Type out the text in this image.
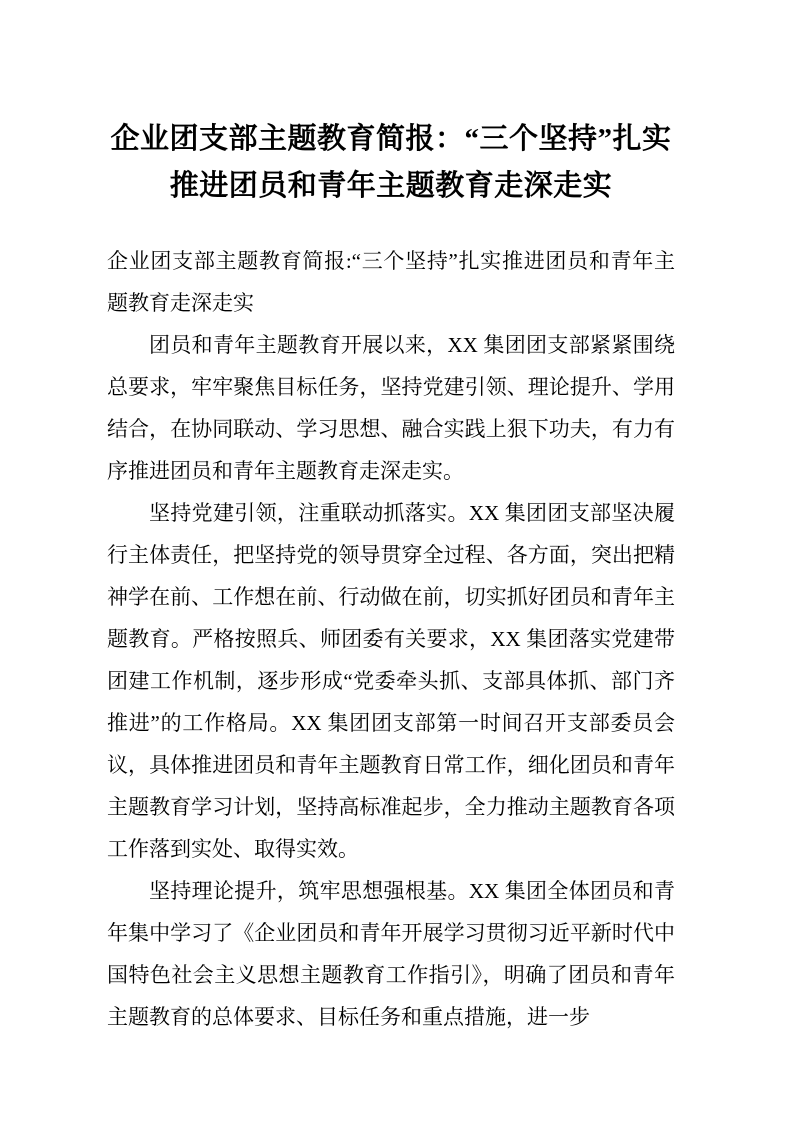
企业团支部主题教育简报：“三个坚持”扎实推进团员和青年主题教育走深走实

企业团支部主题教育简报:“三个坚持”扎实推进团员和青年主题教育走深走实

团员和青年主题教育开展以来，XX 集团团支部紧紧围绕总要求，牢牢聚焦目标任务，坚持党建引领、理论提升、学用结合，在协同联动、学习思想、融合实践上狠下功夫，有力有序推进团员和青年主题教育走深走实。

坚持党建引领，注重联动抓落实。XX 集团团支部坚决履行主体责任，把坚持党的领导贯穿全过程、各方面，突出把精神学在前、工作想在前、行动做在前，切实抓好团员和青年主题教育。严格按照兵、师团委有关要求，XX 集团落实党建带团建工作机制，逐步形成“党委牵头抓、支部具体抓、部门齐推进”的工作格局。XX 集团团支部第一时间召开支部委员会议，具体推进团员和青年主题教育日常工作，细化团员和青年主题教育学习计划，坚持高标准起步，全力推动主题教育各项工作落到实处、取得实效。

坚持理论提升，筑牢思想强根基。XX 集团全体团员和青年集中学习了《企业团员和青年开展学习贯彻习近平新时代中国特色社会主义思想主题教育工作指引》，明确了团员和青年主题教育的总体要求、目标任务和重点措施，进一步
